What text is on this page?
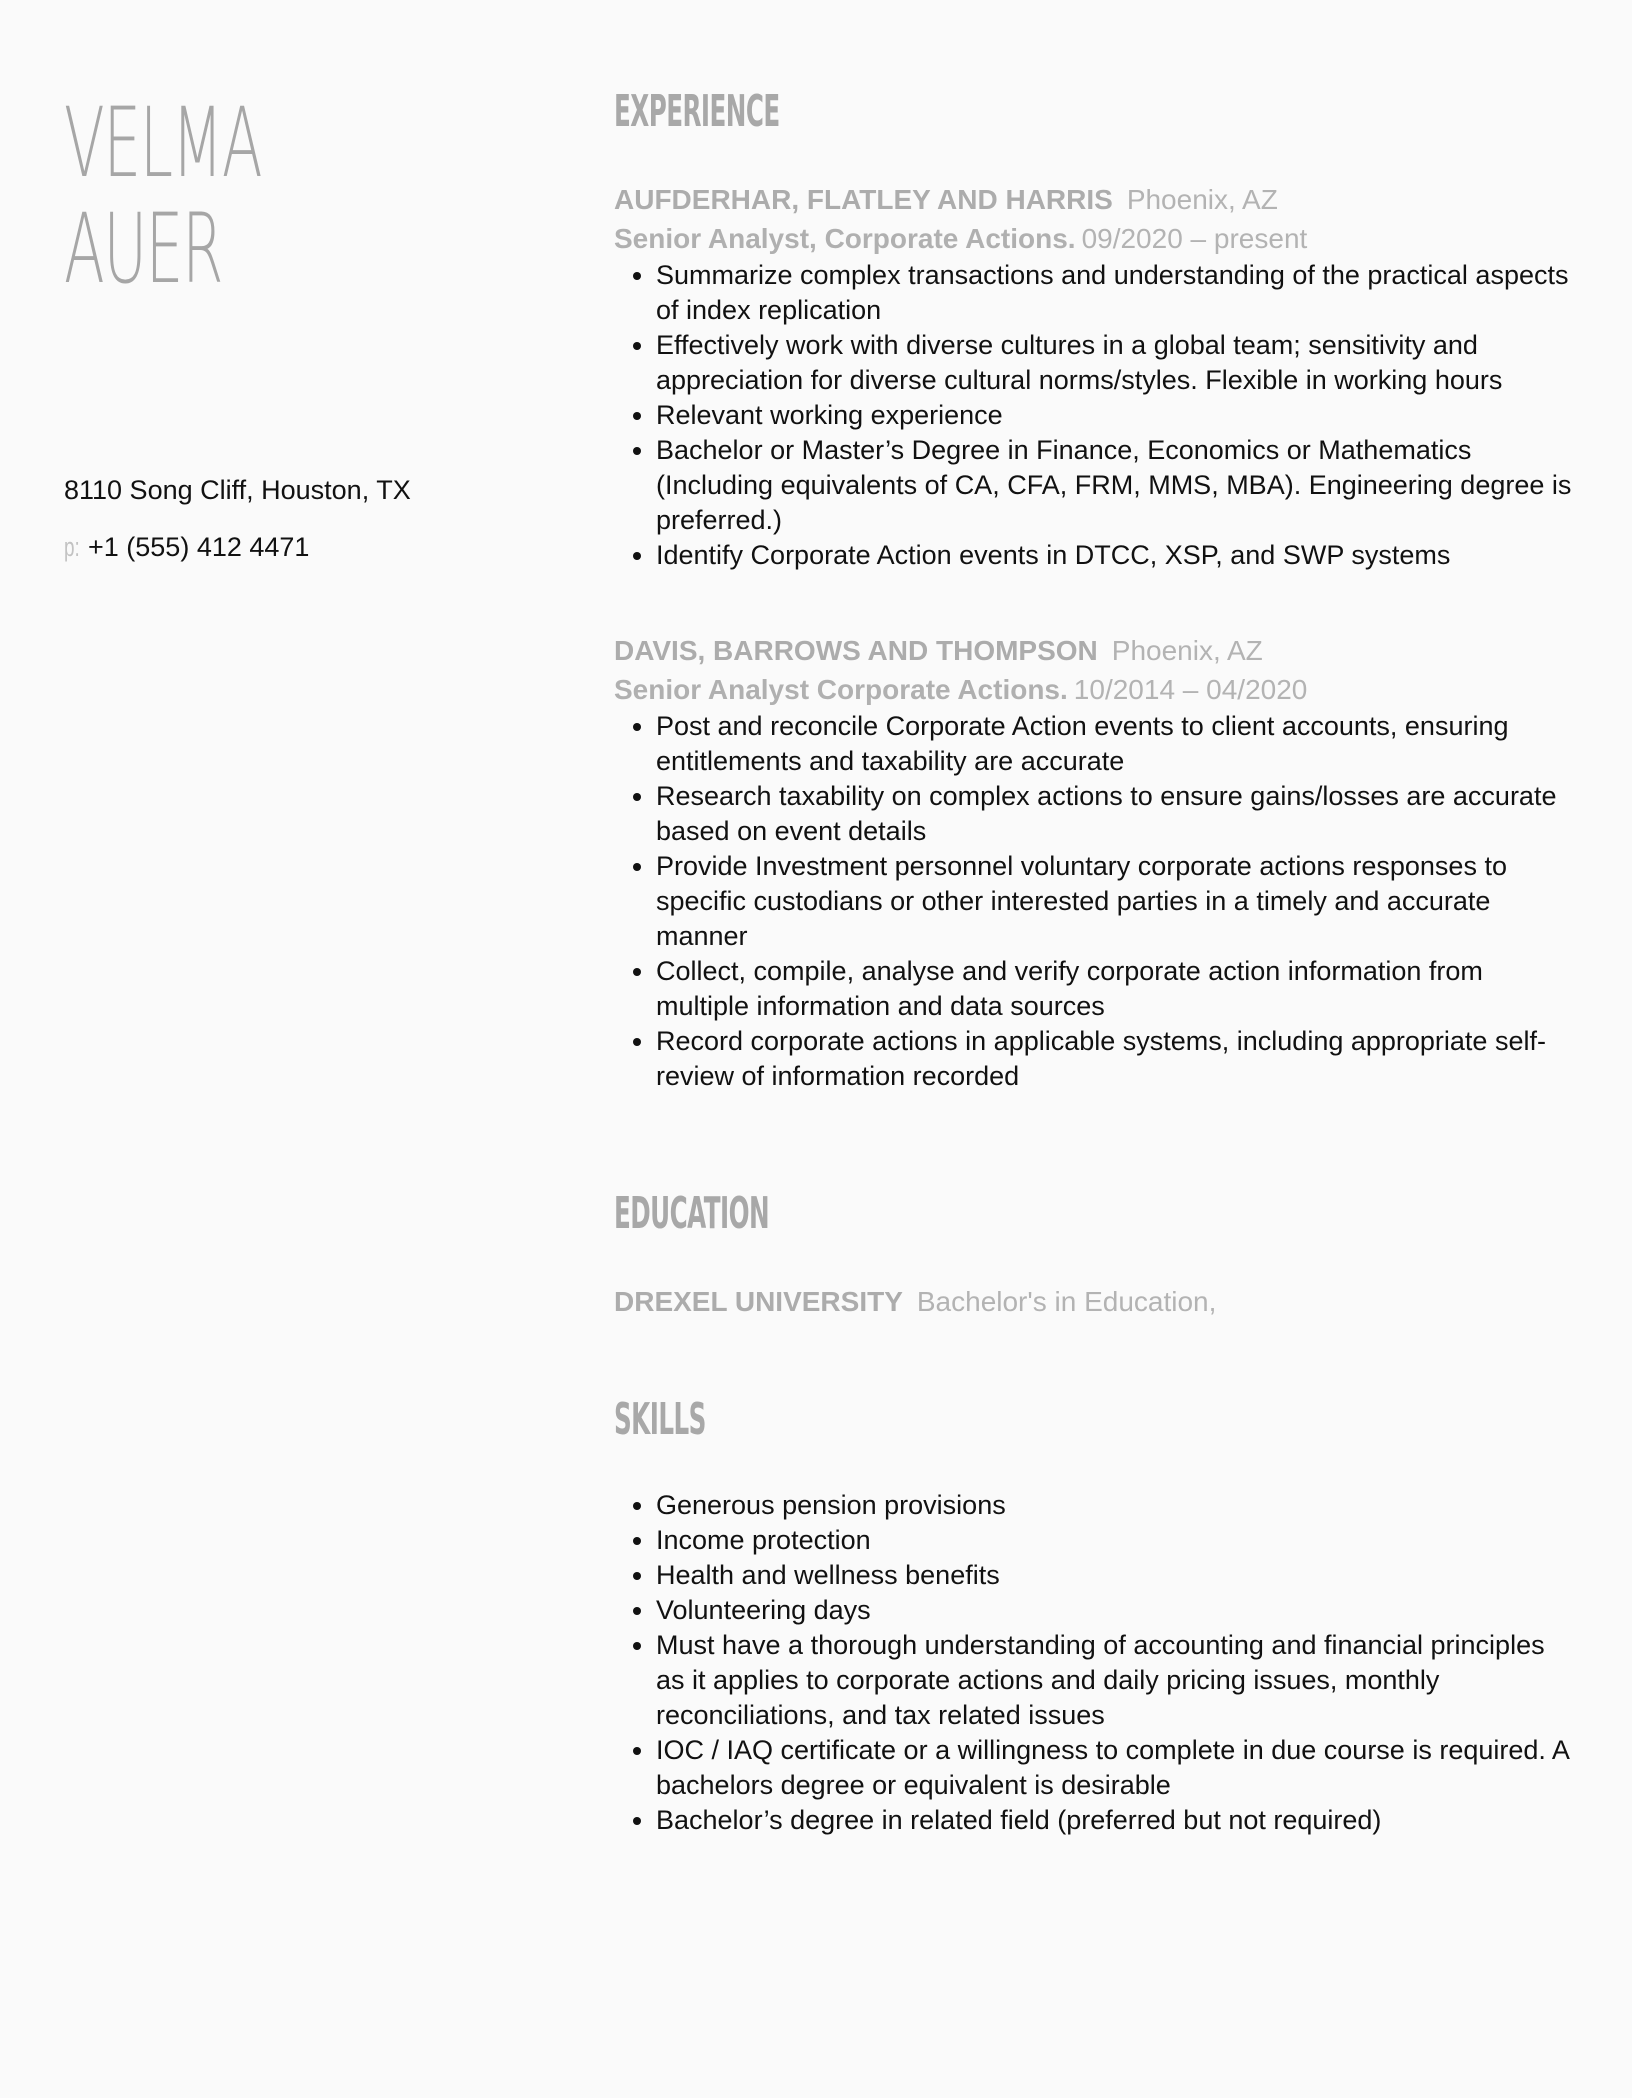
VELMA
AUER
8110 Song Cliff, Houston, TX
p: +1 (555) 412 4471
EXPERIENCE
AUFDERHAR, FLATLEY AND HARRIS Phoenix, AZ
Senior Analyst, Corporate Actions. 09/2020 – present
• Summarize complex transactions and understanding of the practical aspects of index replication
• Effectively work with diverse cultures in a global team; sensitivity and appreciation for diverse cultural norms/styles. Flexible in working hours
• Relevant working experience
• Bachelor or Master’s Degree in Finance, Economics or Mathematics (Including equivalents of CA, CFA, FRM, MMS, MBA). Engineering degree is preferred.)
• Identify Corporate Action events in DTCC, XSP, and SWP systems
DAVIS, BARROWS AND THOMPSON Phoenix, AZ
Senior Analyst Corporate Actions. 10/2014 – 04/2020
• Post and reconcile Corporate Action events to client accounts, ensuring entitlements and taxability are accurate
• Research taxability on complex actions to ensure gains/losses are accurate based on event details
• Provide Investment personnel voluntary corporate actions responses to specific custodians or other interested parties in a timely and accurate manner
• Collect, compile, analyse and verify corporate action information from multiple information and data sources
• Record corporate actions in applicable systems, including appropriate self-review of information recorded
EDUCATION
DREXEL UNIVERSITY Bachelor's in Education,
SKILLS
• Generous pension provisions
• Income protection
• Health and wellness benefits
• Volunteering days
• Must have a thorough understanding of accounting and financial principles as it applies to corporate actions and daily pricing issues, monthly reconciliations, and tax related issues
• IOC / IAQ certificate or a willingness to complete in due course is required. A bachelors degree or equivalent is desirable
• Bachelor’s degree in related field (preferred but not required)
